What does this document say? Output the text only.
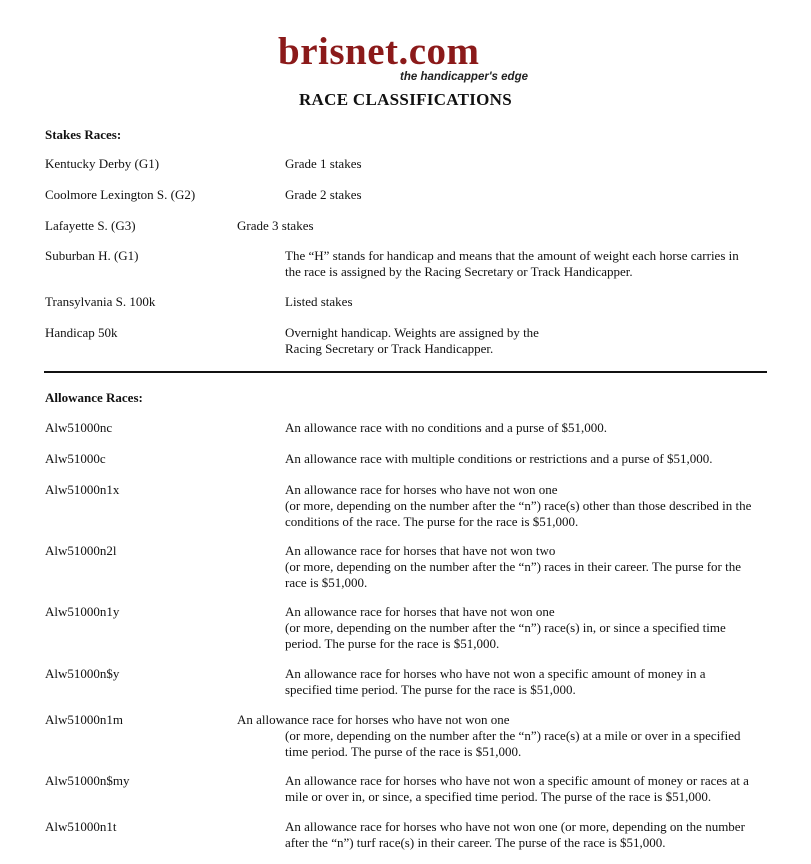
brisnet.com
the handicapper's edge
RACE CLASSIFICATIONS
Stakes Races:
Kentucky Derby (G1)	Grade 1 stakes
Coolmore Lexington S. (G2)	Grade 2 stakes
Lafayette S. (G3)	Grade 3 stakes
Suburban H. (G1)	The “H” stands for handicap and means that the amount of weight each horse carries in
the race is assigned by the Racing Secretary or Track Handicapper.
Transylvania S. 100k	Listed stakes
Handicap 50k	Overnight handicap. Weights are assigned by the
Racing Secretary or Track Handicapper.
Allowance Races:
Alw51000nc	An allowance race with no conditions and a purse of $51,000.
Alw51000c	An allowance race with multiple conditions or restrictions and a purse of $51,000.
Alw51000n1x	An allowance race for horses who have not won one
(or more, depending on the number after the “n”) race(s) other than those described in the
conditions of the race. The purse for the race is $51,000.
Alw51000n2l	An allowance race for horses that have not won two
(or more, depending on the number after the “n”) races in their career. The purse for the
race is $51,000.
Alw51000n1y	An allowance race for horses that have not won one
(or more, depending on the number after the “n”) race(s) in, or since a specified time
period. The purse for the race is $51,000.
Alw51000n$y	An allowance race for horses who have not won a specific amount of money in a
specified time period. The purse for the race is $51,000.
Alw51000n1m	An allowance race for horses who have not won one
(or more, depending on the number after the “n”) race(s) at a mile or over in a specified
time period. The purse of the race is $51,000.
Alw51000n$my	An allowance race for horses who have not won a specific amount of money or races at a
mile or over in, or since, a specified time period. The purse of the race is $51,000.
Alw51000n1t	An allowance race for horses who have not won one (or more, depending on the number
after the “n”) turf race(s) in their career. The purse of the race is $51,000.
